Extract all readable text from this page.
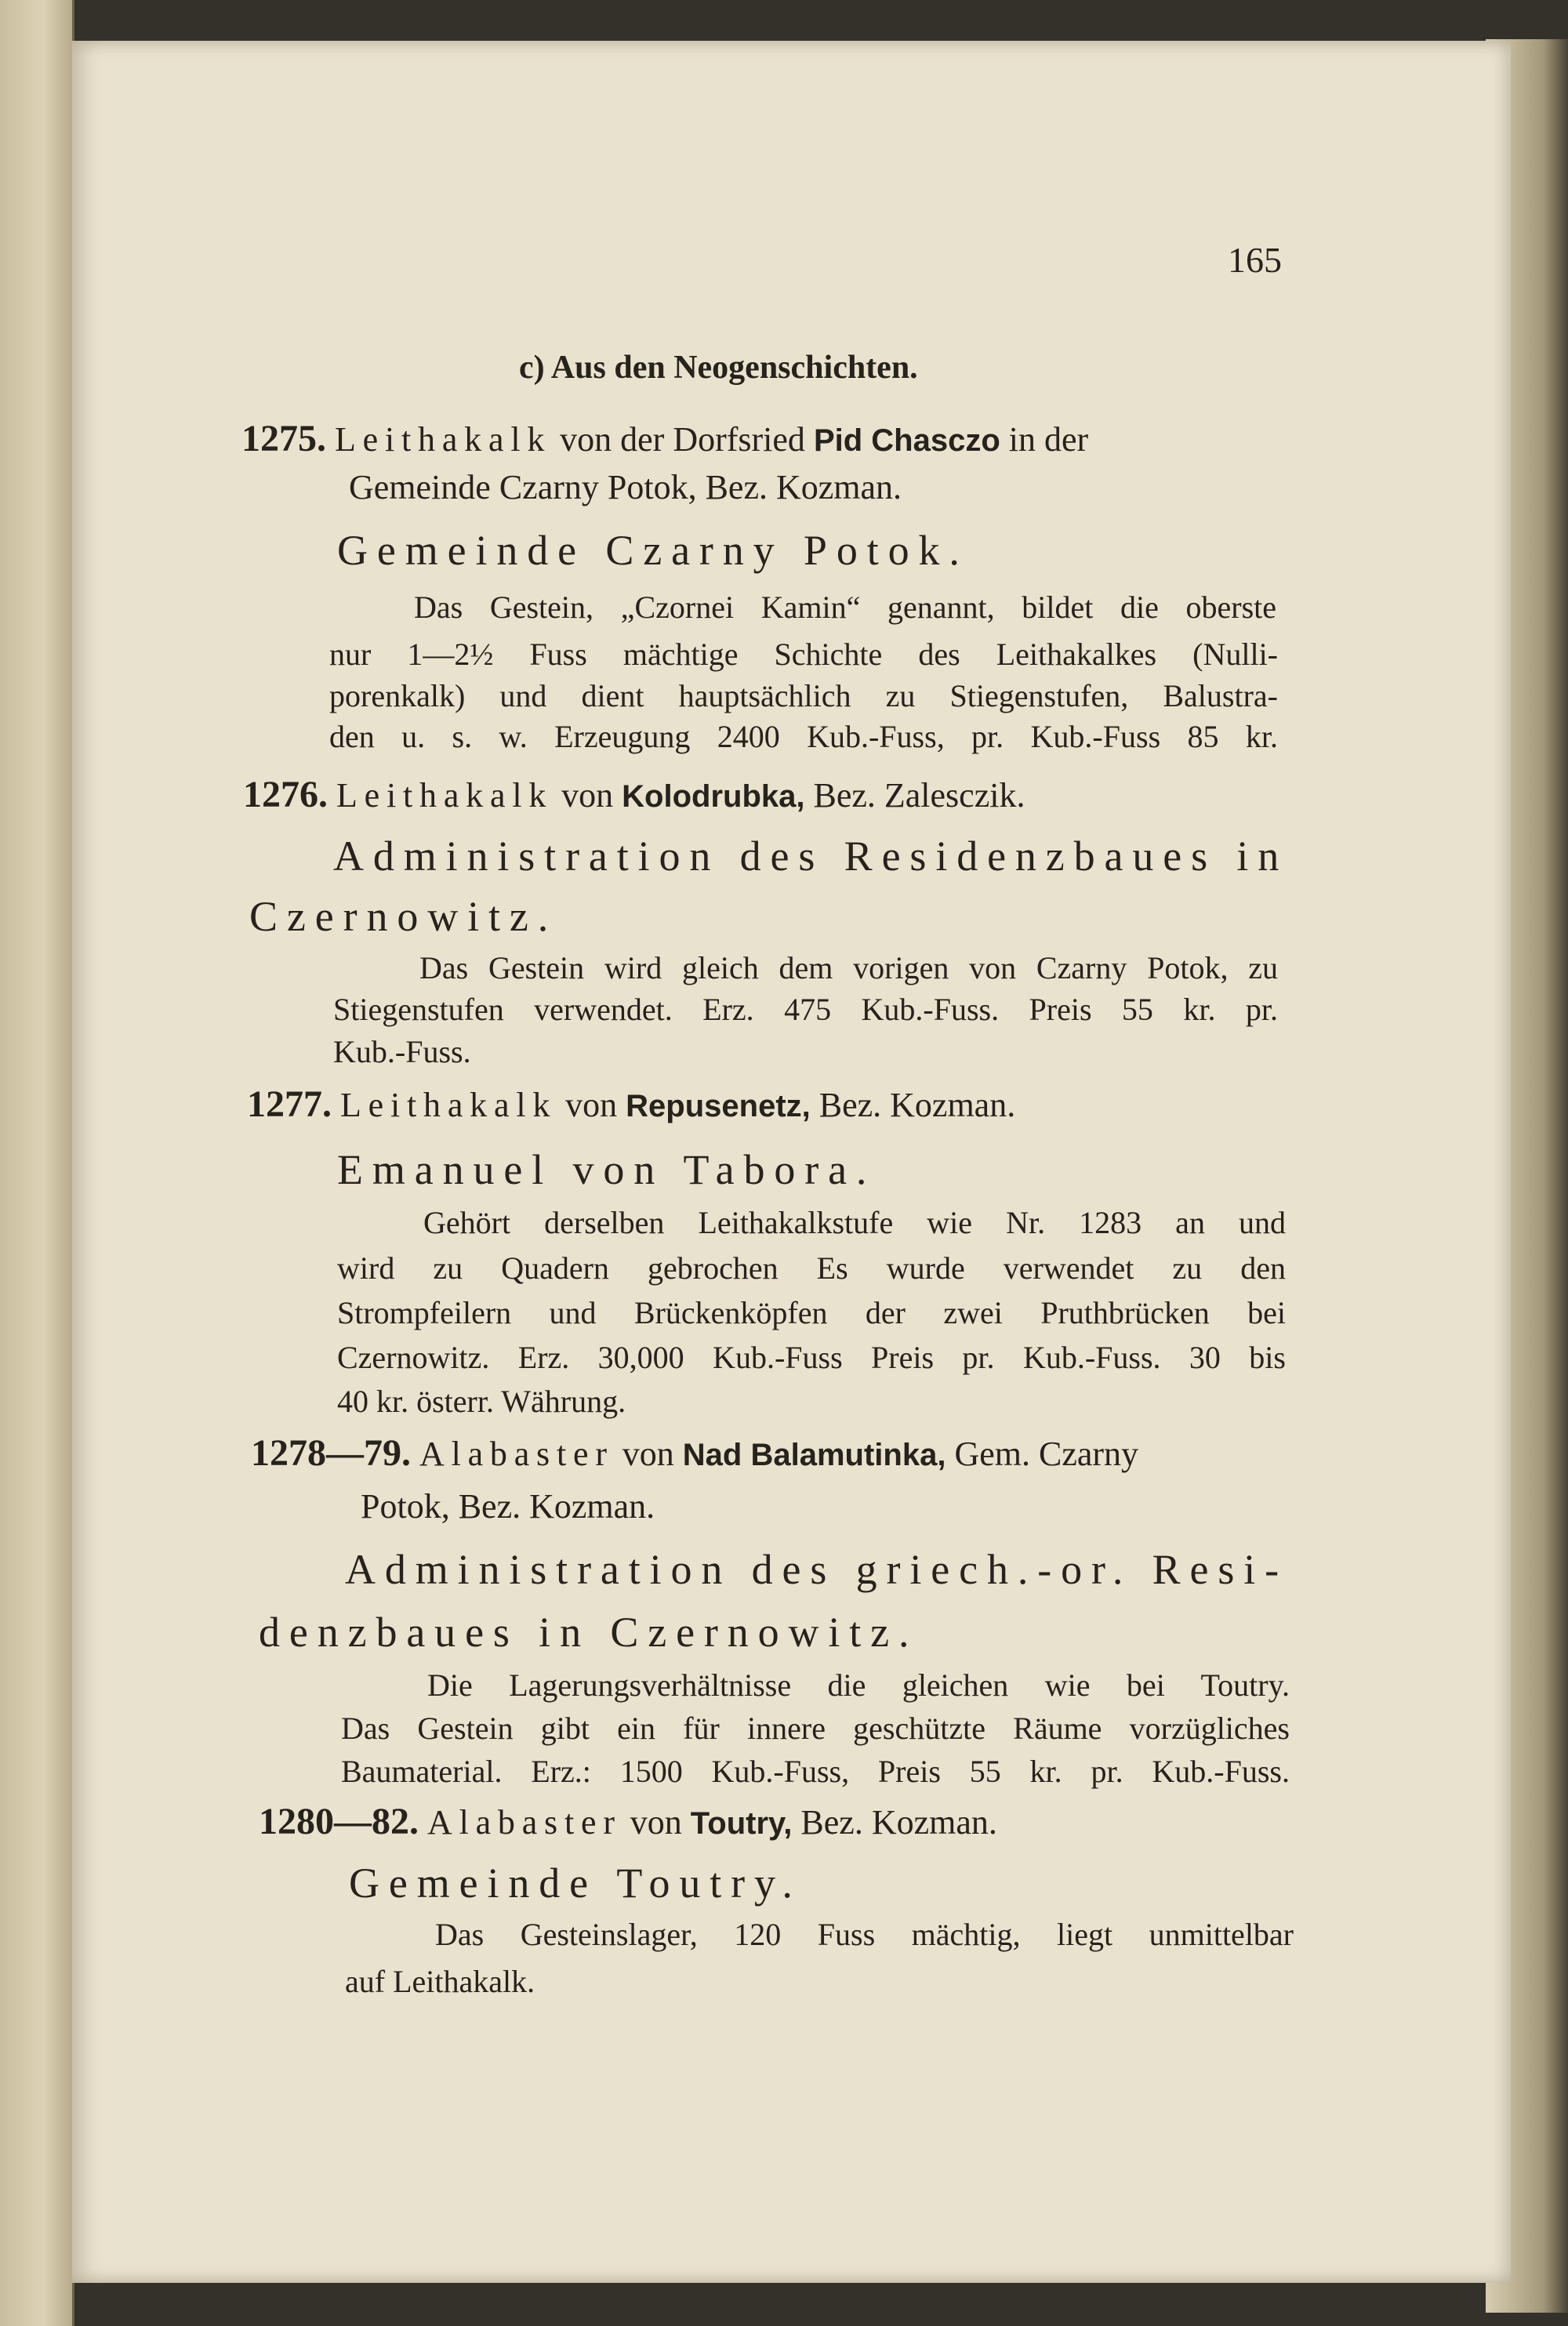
165
c) Aus den Neogenschichten.
1275. Leithakalk von der Dorfsried Pid Chasczo in der
Gemeinde Czarny Potok, Bez. Kozman.
Gemeinde Czarny Potok.
Das Gestein, „Czornei Kamin“ genannt, bildet die oberste
nur 1—2½ Fuss mächtige Schichte des Leithakalkes (Nulli-
porenkalk) und dient hauptsächlich zu Stiegenstufen, Balustra-
den u. s. w. Erzeugung 2400 Kub.-Fuss, pr. Kub.-Fuss 85 kr.
1276. Leithakalk von Kolodrubka, Bez. Zalesczik.
Administration des Residenzbaues in
Czernowitz.
Das Gestein wird gleich dem vorigen von Czarny Potok, zu
Stiegenstufen verwendet. Erz. 475 Kub.-Fuss. Preis 55 kr. pr.
Kub.-Fuss.
1277. Leithakalk von Repusenetz, Bez. Kozman.
Emanuel von Tabora.
Gehört derselben Leithakalkstufe wie Nr. 1283 an und
wird zu Quadern gebrochen Es wurde verwendet zu den
Strompfeilern und Brückenköpfen der zwei Pruthbrücken bei
Czernowitz. Erz. 30,000 Kub.-Fuss Preis pr. Kub.-Fuss. 30 bis
40 kr. österr. Währung.
1278—79. Alabaster von Nad Balamutinka, Gem. Czarny
Potok, Bez. Kozman.
Administration des griech.-or. Resi-
denzbaues in Czernowitz.
Die Lagerungsverhältnisse die gleichen wie bei Toutry.
Das Gestein gibt ein für innere geschützte Räume vorzügliches
Baumaterial. Erz.: 1500 Kub.-Fuss, Preis 55 kr. pr. Kub.-Fuss.
1280—82. Alabaster von Toutry, Bez. Kozman.
Gemeinde Toutry.
Das Gesteinslager, 120 Fuss mächtig, liegt unmittelbar
auf Leithakalk.
